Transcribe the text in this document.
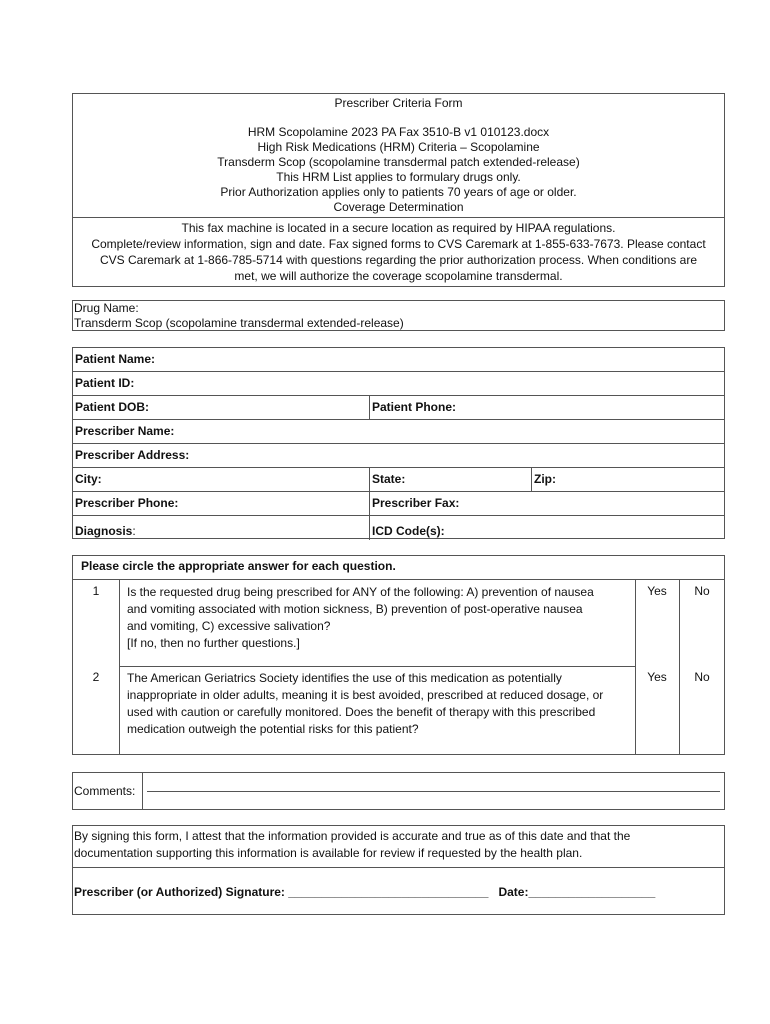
Prescriber Criteria Form
HRM Scopolamine 2023 PA Fax 3510-B v1 010123.docx
High Risk Medications (HRM) Criteria – Scopolamine
Transderm Scop (scopolamine transdermal patch extended-release)
This HRM List applies to formulary drugs only.
Prior Authorization applies only to patients 70 years of age or older.
Coverage Determination
This fax machine is located in a secure location as required by HIPAA regulations.
Complete/review information, sign and date. Fax signed forms to CVS Caremark at 1-855-633-7673. Please contact
CVS Caremark at 1-866-785-5714 with questions regarding the prior authorization process. When conditions are
met, we will authorize the coverage scopolamine transdermal.
Drug Name:
Transderm Scop (scopolamine transdermal extended-release)
Patient Name:
Patient ID:
Patient DOB:	Patient Phone:
Prescriber Name:
Prescriber Address:
City:	State:	Zip:
Prescriber Phone:	Prescriber Fax:
Diagnosis:	ICD Code(s):
Please circle the appropriate answer for each question.
1	Is the requested drug being prescribed for ANY of the following: A) prevention of nausea
and vomiting associated with motion sickness, B) prevention of post-operative nausea
and vomiting, C) excessive salivation?
[If no, then no further questions.]
Yes	No
2	The American Geriatrics Society identifies the use of this medication as potentially
inappropriate in older adults, meaning it is best avoided, prescribed at reduced dosage, or
used with caution or carefully monitored. Does the benefit of therapy with this prescribed
medication outweigh the potential risks for this patient?
Yes	No
Comments:
By signing this form, I attest that the information provided is accurate and true as of this date and that the
documentation supporting this information is available for review if requested by the health plan.
Prescriber (or Authorized) Signature: ______________________________   Date:___________________
